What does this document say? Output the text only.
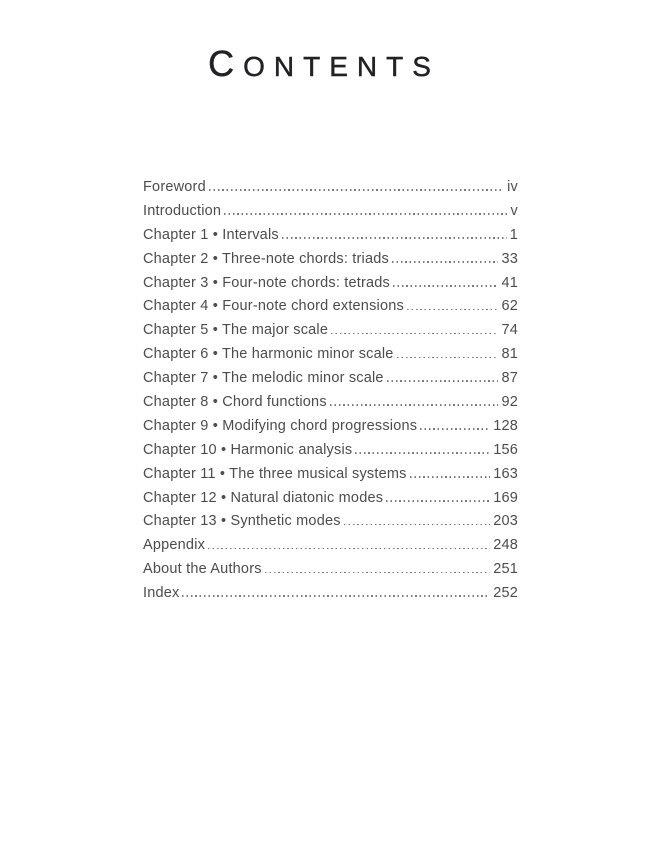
CONTENTS
Foreword	iv
Introduction	v
Chapter 1 • Intervals	1
Chapter 2 • Three-note chords: triads	33
Chapter 3 • Four-note chords: tetrads	41
Chapter 4 • Four-note chord extensions	62
Chapter 5 • The major scale	74
Chapter 6 • The harmonic minor scale	81
Chapter 7 • The melodic minor scale	87
Chapter 8 • Chord functions	92
Chapter 9 • Modifying chord progressions	128
Chapter 10 • Harmonic analysis	156
Chapter 11 • The three musical systems	163
Chapter 12 • Natural diatonic modes	169
Chapter 13 • Synthetic modes	203
Appendix	248
About the Authors	251
Index	252
